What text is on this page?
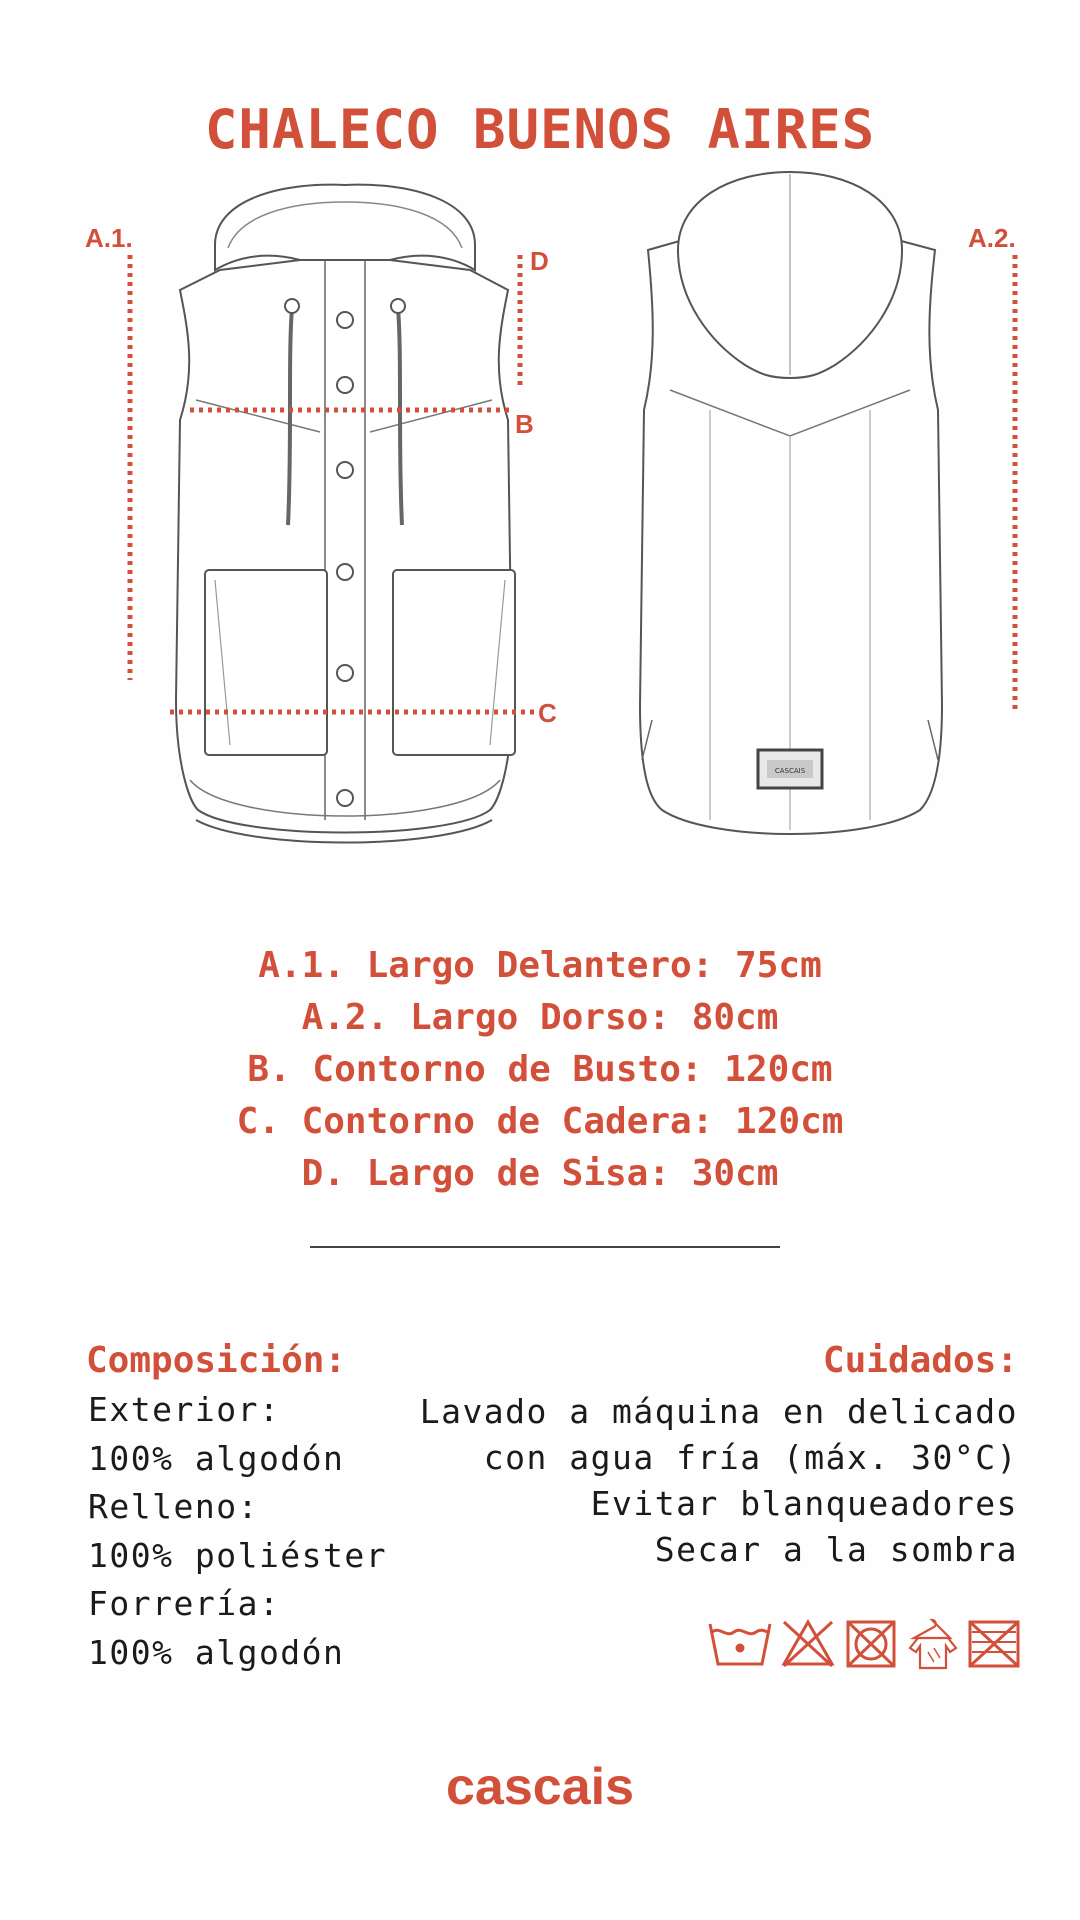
CHALECO BUENOS AIRES
CASCAIS
A.1.	A.2.
B
C
D
A.1. Largo Delantero: 75cm
A.2. Largo Dorso: 80cm
B. Contorno de Busto: 120cm
C. Contorno de Cadera: 120cm
D. Largo de Sisa: 30cm
Composición:
Exterior:
100% algodón
Relleno:
100% poliéster
Forrería:
100% algodón
Cuidados:
Lavado a máquina en delicado
con agua fría (máx. 30°C)
Evitar blanqueadores
Secar a la sombra
cascais
